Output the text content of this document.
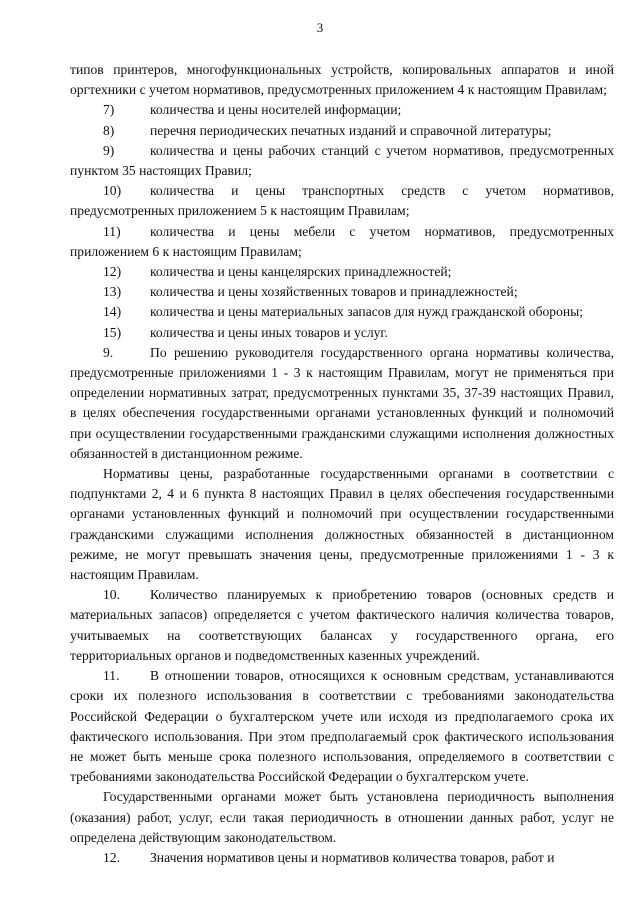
3

типов принтеров, многофункциональных устройств, копировальных аппаратов и иной оргтехники с учетом нормативов, предусмотренных приложением 4 к настоящим Правилам;

7)	количества и цены носителей информации;
8)	перечня периодических печатных изданий и справочной литературы;

9)	количества и цены рабочих станций с учетом нормативов, предусмотренных пунктом 35 настоящих Правил;

10) количества и цены транспортных средств с учетом нормативов, предусмотренных приложением 5 к настоящим Правилам;

11) количества и цены мебели с учетом нормативов, предусмотренных приложением 6 к настоящим Правилам;

12)	количества и цены канцелярских принадлежностей;
13)	количества и цены хозяйственных товаров и принадлежностей;

14) количества и цены материальных запасов для нужд гражданской обороны;

15)	количества и цены иных товаров и услуг.

9.	По решению руководителя государственного органа нормативы количества, предусмотренные приложениями 1 - 3 к настоящим Правилам, могут не применяться при определении нормативных затрат, предусмотренных пунктами 35, 37-39 настоящих Правил, в целях обеспечения государственными органами установленных функций и полномочий при осуществлении государственными гражданскими служащими исполнения должностных обязанностей в дистанционном режиме.

Нормативы цены, разработанные государственными органами в соответствии с подпунктами 2, 4 и 6 пункта 8 настоящих Правил в целях обеспечения государственными органами установленных функций и полномочий при осуществлении государственными гражданскими служащими исполнения должностных обязанностей в дистанционном режиме, не могут превышать значения цены, предусмотренные приложениями 1 - 3 к настоящим Правилам.

10. Количество планируемых к приобретению товаров (основных средств и материальных запасов) определяется с учетом фактического наличия количества товаров, учитываемых на соответствующих балансах у государственного органа, его территориальных органов и подведомственных казенных учреждений.

11. В отношении товаров, относящихся к основным средствам, устанавливаются сроки их полезного использования в соответствии с требованиями законодательства Российской Федерации о бухгалтерском учете или исходя из предполагаемого срока их фактического использования. При этом предполагаемый срок фактического использования не может быть меньше срока полезного использования, определяемого в соответствии с требованиями законодательства Российской Федерации о бухгалтерском учете.

Государственными органами может быть установлена периодичность выполнения (оказания) работ, услуг, если такая периодичность в отношении данных работ, услуг не определена действующим законодательством.

12. Значения нормативов цены и нормативов количества товаров, работ и
